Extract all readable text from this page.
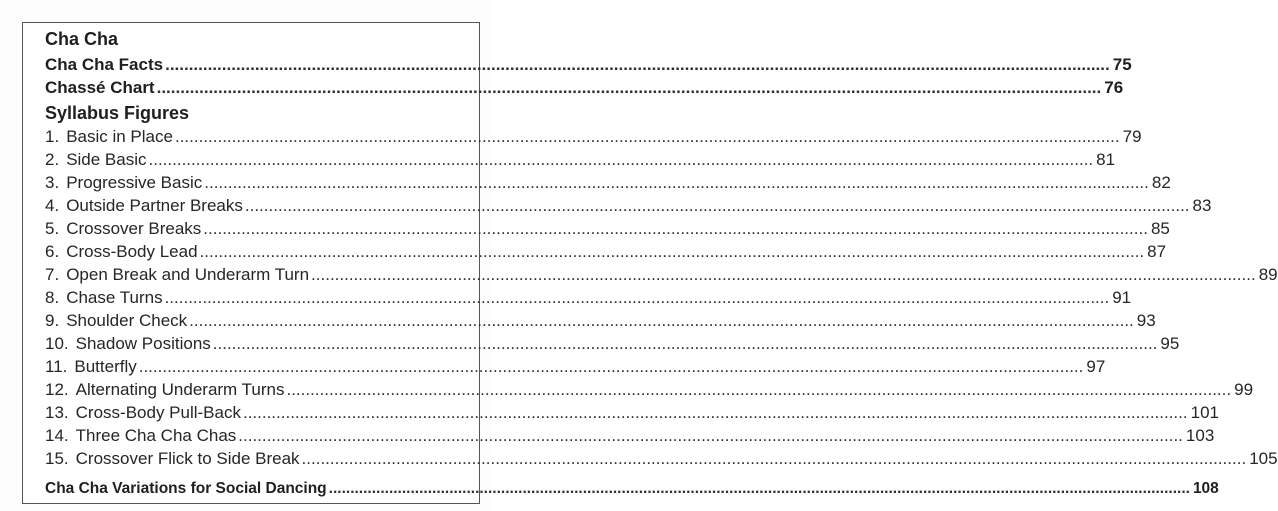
Cha Cha
Cha Cha Facts ........................................................................................................................................................................................................ 75
Chassé Chart ........................................................................................................................................................................................................ 76
Syllabus Figures
1. Basic in Place ........................................................................................................................................................................................................ 79
2. Side Basic ........................................................................................................................................................................................................ 81
3. Progressive Basic ........................................................................................................................................................................................................ 82
4. Outside Partner Breaks ........................................................................................................................................................................................................ 83
5. Crossover Breaks ........................................................................................................................................................................................................ 85
6. Cross-Body Lead ........................................................................................................................................................................................................ 87
7. Open Break and Underarm Turn ........................................................................................................................................................................................................ 89
8. Chase Turns ........................................................................................................................................................................................................ 91
9. Shoulder Check ........................................................................................................................................................................................................ 93
10. Shadow Positions ........................................................................................................................................................................................................ 95
11. Butterfly ........................................................................................................................................................................................................ 97
12. Alternating Underarm Turns ........................................................................................................................................................................................................ 99
13. Cross-Body Pull-Back ........................................................................................................................................................................................................ 101
14. Three Cha Cha Chas ........................................................................................................................................................................................................ 103
15. Crossover Flick to Side Break ........................................................................................................................................................................................................ 105
Cha Cha Variations for Social Dancing ........................................................................................................................................................................................................ 108
